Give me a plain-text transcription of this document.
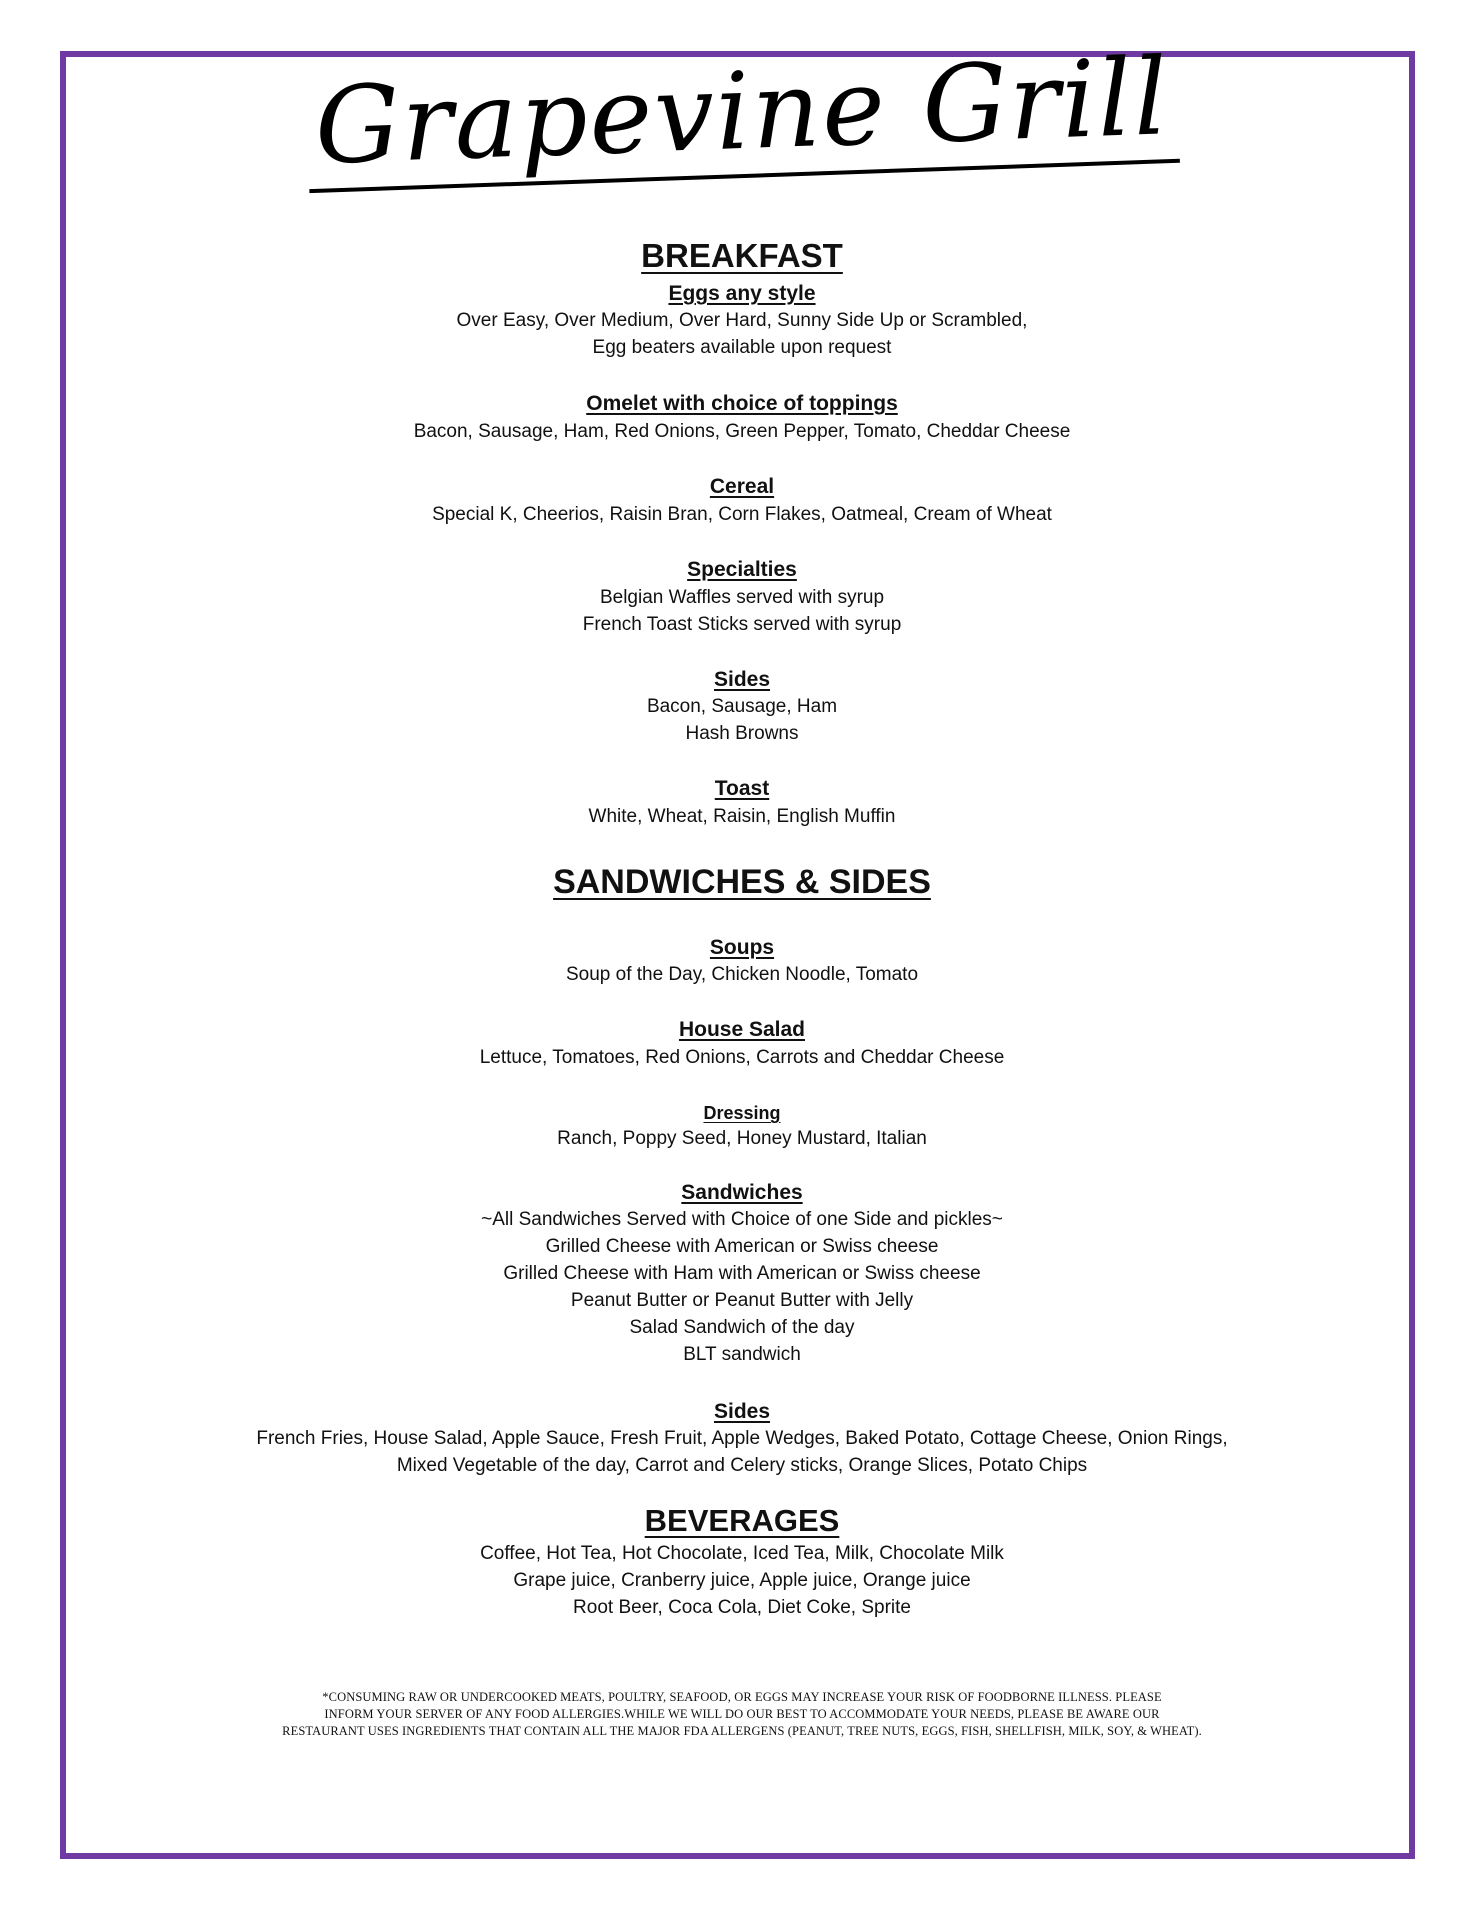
Grapevine Grill
BREAKFAST
Eggs any style
Over Easy, Over Medium, Over Hard, Sunny Side Up or Scrambled,
Egg beaters available upon request
Omelet with choice of toppings
Bacon, Sausage, Ham, Red Onions, Green Pepper, Tomato, Cheddar Cheese
Cereal
Special K, Cheerios, Raisin Bran, Corn Flakes, Oatmeal, Cream of Wheat
Specialties
Belgian Waffles served with syrup
French Toast Sticks served with syrup
Sides
Bacon, Sausage, Ham
Hash Browns
Toast
White, Wheat, Raisin, English Muffin
SANDWICHES & SIDES
Soups
Soup of the Day, Chicken Noodle, Tomato
House Salad
Lettuce, Tomatoes, Red Onions, Carrots and Cheddar Cheese
Dressing
Ranch, Poppy Seed, Honey Mustard, Italian
Sandwiches
~All Sandwiches Served with Choice of one Side and pickles~
Grilled Cheese with American or Swiss cheese
Grilled Cheese with Ham with American or Swiss cheese
Peanut Butter or Peanut Butter with Jelly
Salad Sandwich of the day
BLT sandwich
Sides
French Fries, House Salad, Apple Sauce, Fresh Fruit, Apple Wedges, Baked Potato, Cottage Cheese, Onion Rings,
Mixed Vegetable of the day, Carrot and Celery sticks, Orange Slices, Potato Chips
BEVERAGES
Coffee, Hot Tea, Hot Chocolate, Iced Tea, Milk, Chocolate Milk
Grape juice, Cranberry juice, Apple juice, Orange juice
Root Beer, Coca Cola, Diet Coke, Sprite
*CONSUMING RAW OR UNDERCOOKED MEATS, POULTRY, SEAFOOD, OR EGGS MAY INCREASE YOUR RISK OF FOODBORNE ILLNESS. PLEASE
INFORM YOUR SERVER OF ANY FOOD ALLERGIES.WHILE WE WILL DO OUR BEST TO ACCOMMODATE YOUR NEEDS, PLEASE BE AWARE OUR
RESTAURANT USES INGREDIENTS THAT CONTAIN ALL THE MAJOR FDA ALLERGENS (PEANUT, TREE NUTS, EGGS, FISH, SHELLFISH, MILK, SOY, & WHEAT).
